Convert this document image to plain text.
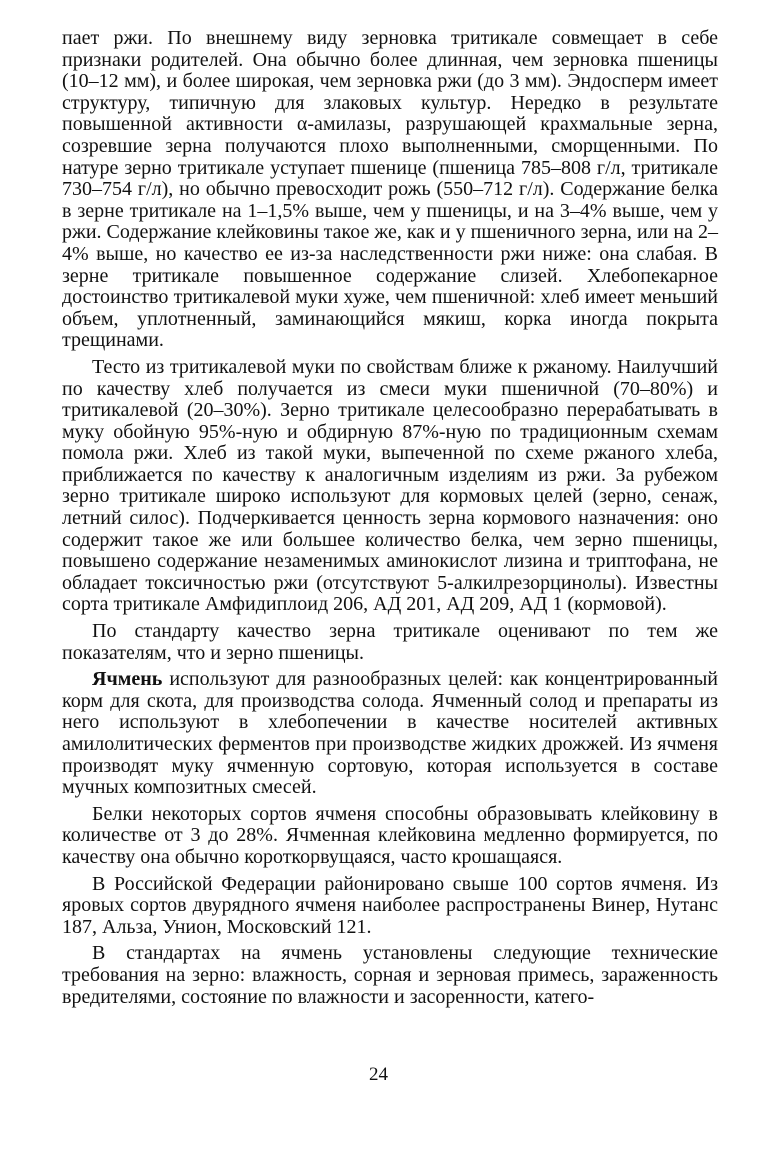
пает ржи. По внешнему виду зерновка тритикале совмещает в себе признаки родителей. Она обычно более длинная, чем зерновка пшеницы (10–12 мм), и более широкая, чем зерновка ржи (до 3 мм). Эндосперм имеет структуру, типичную для злаковых культур. Нередко в результате повышенной активности α-амилазы, разрушающей крахмальные зерна, созревшие зерна получаются плохо выполненными, сморщенными. По натуре зерно тритикале уступает пшенице (пшеница 785–808 г/л, тритикале 730–754 г/л), но обычно превосходит рожь (550–712 г/л). Содержание белка в зерне тритикале на 1–1,5% выше, чем у пшеницы, и на 3–4% выше, чем у ржи. Содержание клейковины такое же, как и у пшеничного зерна, или на 2–4% выше, но качество ее из-за наследственности ржи ниже: она слабая. В зерне тритикале повышенное содержание слизей. Хлебопекарное достоинство тритикалевой муки хуже, чем пшеничной: хлеб имеет меньший объем, уплотненный, заминающийся мякиш, корка иногда покрыта трещинами.

Тесто из тритикалевой муки по свойствам ближе к ржаному. Наилучший по качеству хлеб получается из смеси муки пшеничной (70–80%) и тритикалевой (20–30%). Зерно тритикале целесообразно перерабатывать в муку обойную 95%-ную и обдирную 87%-ную по традиционным схемам помола ржи. Хлеб из такой муки, выпеченной по схеме ржаного хлеба, приближается по качеству к аналогичным изделиям из ржи. За рубежом зерно тритикале широко используют для кормовых целей (зерно, сенаж, летний силос). Подчеркивается ценность зерна кормового назначения: оно содержит такое же или большее количество белка, чем зерно пшеницы, повышено содержание незаменимых аминокислот лизина и триптофана, не обладает токсичностью ржи (отсутствуют 5-алкилрезорцинолы). Известны сорта тритикале Амфидиплоид 206, АД 201, АД 209, АД 1 (кормовой).

По стандарту качество зерна тритикале оценивают по тем же показателям, что и зерно пшеницы.

Ячмень используют для разнообразных целей: как концентрированный корм для скота, для производства солода. Ячменный солод и препараты из него используют в хлебопечении в качестве носителей активных амилолитических ферментов при производстве жидких дрожжей. Из ячменя производят муку ячменную сортовую, которая используется в составе мучных композитных смесей.

Белки некоторых сортов ячменя способны образовывать клейковину в количестве от 3 до 28%. Ячменная клейковина медленно формируется, по качеству она обычно короткорвущаяся, часто крошащаяся.

В Российской Федерации районировано свыше 100 сортов ячменя. Из яровых сортов двурядного ячменя наиболее распространены Винер, Нутанс 187, Альза, Унион, Московский 121.

В стандартах на ячмень установлены следующие технические требования на зерно: влажность, сорная и зерновая примесь, зараженность вредителями, состояние по влажности и засоренности, катего-

24
